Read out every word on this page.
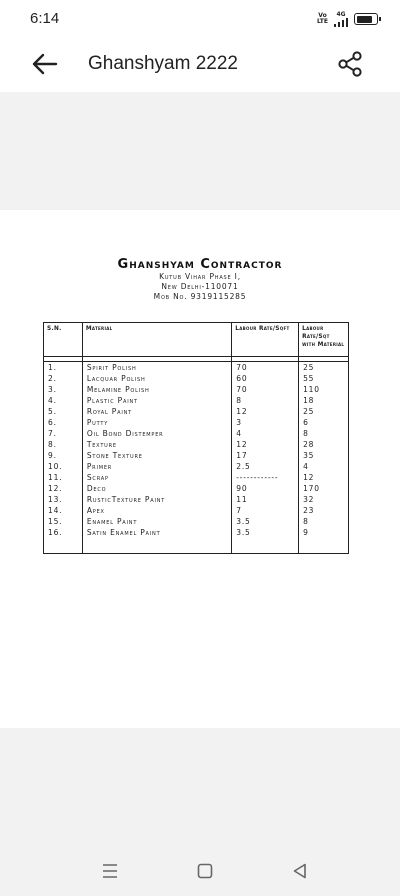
6:14	Vo
LTE
4G
Ghanshyam 2222
Ghanshyam Contractor
Kutub Vihar Phase I,
New Delhi-110071
Mob No. 9319115285
S.N.	Material	Labour Rate/Sqft	Labour Rate/Sqt with Material

1.	Spirit Polish	70	25
2.	Lacquar Polish	60	55
3.	Melamine Polish	70	110
4.	Plastic Paint	8	18
5.	Royal Paint	12	25
6.	Putty	3	6
7.	Oil Bond Distemper	4	8
8.	Texture	12	28
9.	Stone Texture	17	35
10.	Primer	2.5	4
11.	Scrap	------------	12
12.	Deco	90	170
13.	RusticTexture Paint	11	32
14.	Apex	7	23
15.	Enamel Paint	3.5	8
16.	Satin Enamel Paint	3.5	9
